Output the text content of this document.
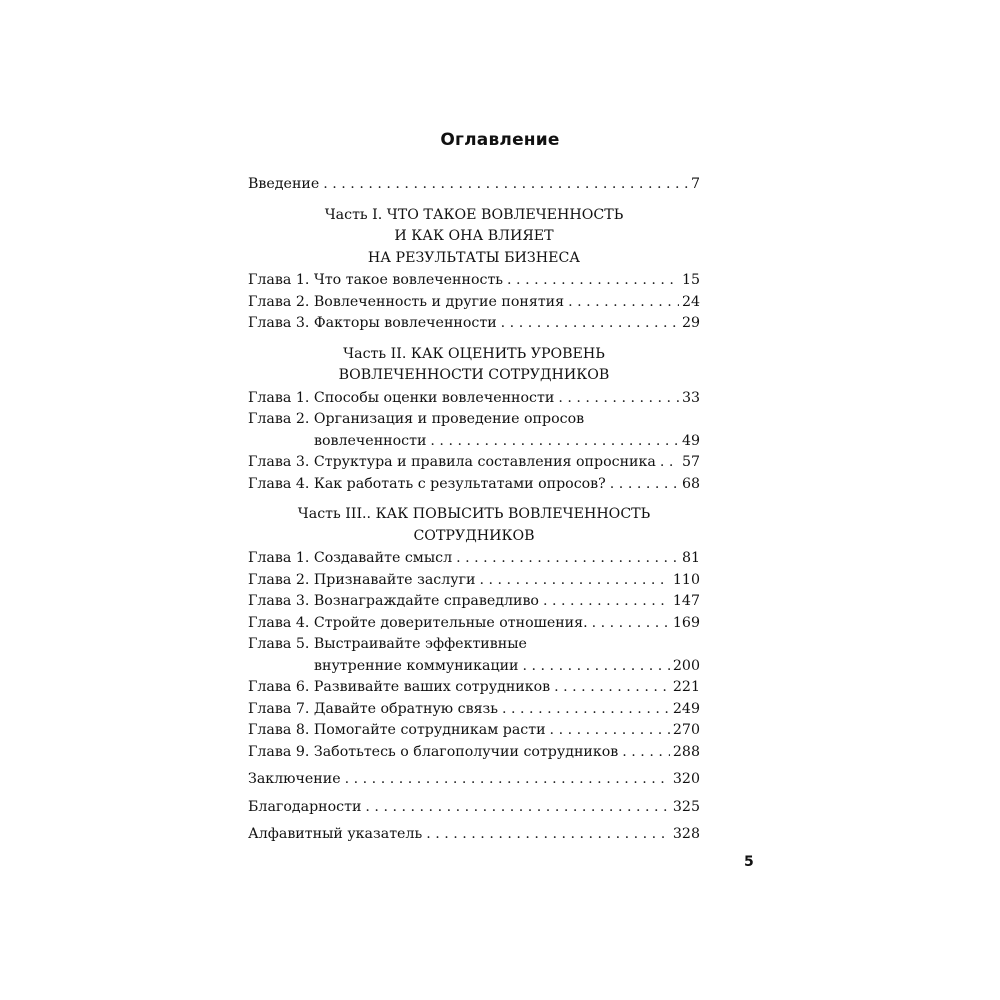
Оглавление
Введение . . .	7
Часть I. ЧТО ТАКОЕ ВОВЛЕЧЕННОСТЬ
И КАК ОНА ВЛИЯЕТ
НА РЕЗУЛЬТАТЫ БИЗНЕСА
Глава 1. Что такое вовлеченность . . .	15
Глава 2. Вовлеченность и другие понятия . . .	24
Глава 3. Факторы вовлеченности . . .	29
Часть II. КАК ОЦЕНИТЬ УРОВЕНЬ
ВОВЛЕЧЕННОСТИ СОТРУДНИКОВ
Глава 1. Способы оценки вовлеченности . . .	33
Глава 2. Организация и проведение опросов
вовлеченности . . .	49
Глава 3. Структура и правила составления опросника . . . 57
Глава 4. Как работать с результатами опросов? . . .	68
Часть III.. КАК ПОВЫСИТЬ ВОВЛЕЧЕННОСТЬ
СОТРУДНИКОВ
Глава 1. Создавайте смысл . . .	81
Глава 2. Признавайте заслуги . . .	110
Глава 3. Вознаграждайте справедливо . . .	147
Глава 4. Стройте доверительные отношения. . . .	169
Глава 5. Выстраивайте эффективные
внутренние коммуникации . . .	200
Глава 6. Развивайте ваших сотрудников . . .	221
Глава 7. Давайте обратную связь . . .	249
Глава 8. Помогайте сотрудникам расти . . .	270
Глава 9. Заботьтесь о благополучии сотрудников . . .	288
Заключение . . .	320
Благодарности . . .	325
Алфавитный указатель . . .	328
5
